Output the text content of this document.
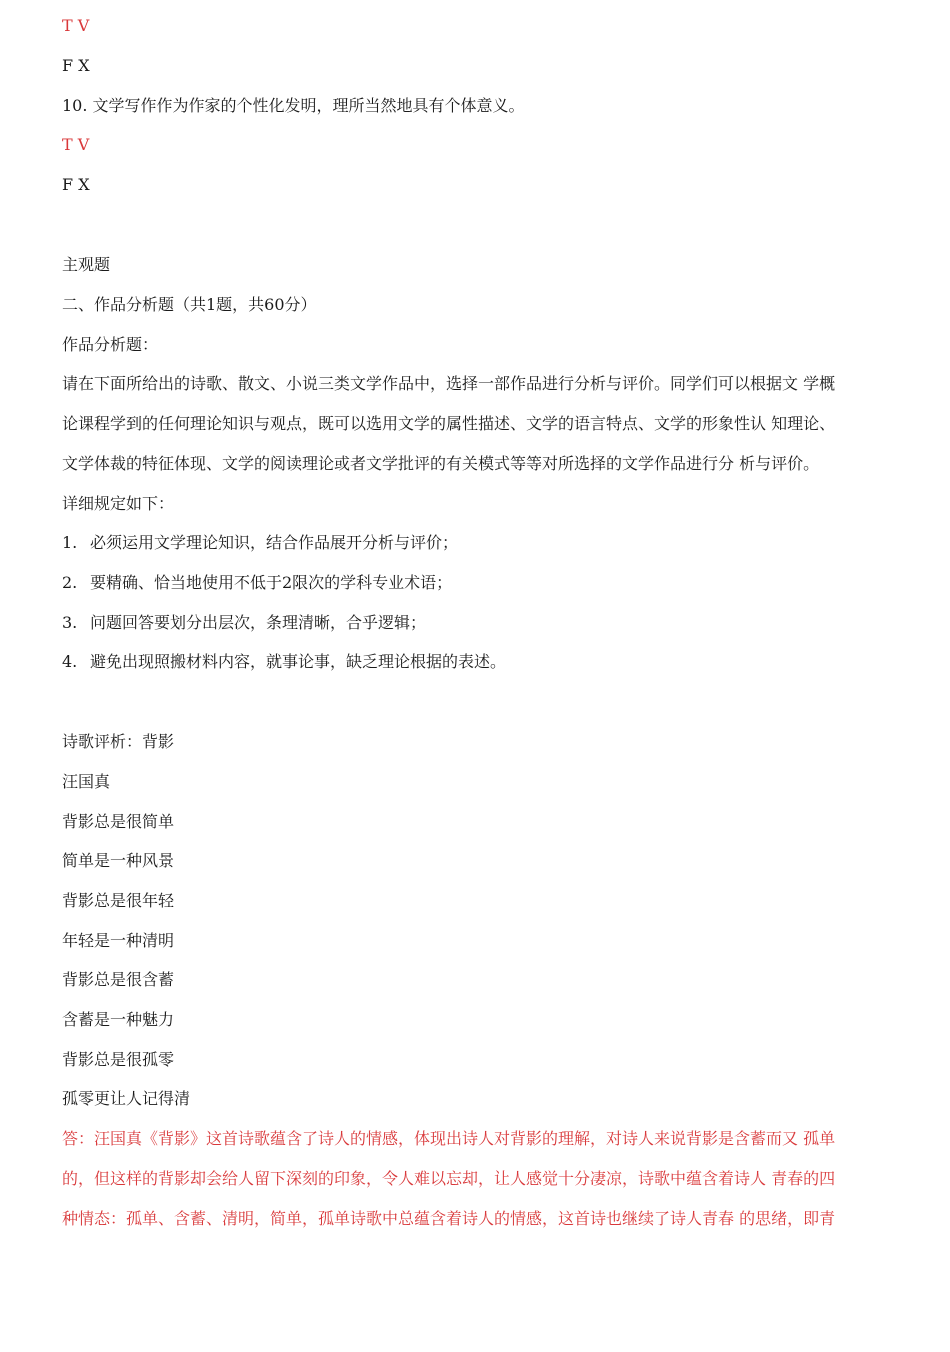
T V
F X
10. 文学写作作为作家的个性化发明，理所当然地具有个体意义。
T V
F X
主观题
二、作品分析题（共1题，共60分）
作品分析题：
请在下面所给出的诗歌、散文、小说三类文学作品中，选择一部作品进行分析与评价。同学们可以根据文 学概
论课程学到的任何理论知识与观点，既可以选用文学的属性描述、文学的语言特点、文学的形象性认 知理论、
文学体裁的特征体现、文学的阅读理论或者文学批评的有关模式等等对所选择的文学作品进行分 析与评价。
详细规定如下：
1. 必须运用文学理论知识，结合作品展开分析与评价；
2. 要精确、恰当地使用不低于2限次的学科专业术语；
3. 问题回答要划分出层次，条理清晰，合乎逻辑；
4. 避免出现照搬材料内容，就事论事，缺乏理论根据的表述。
诗歌评析：背影
汪国真
背影总是很简单
简单是一种风景
背影总是很年轻
年轻是一种清明
背影总是很含蓄
含蓄是一种魅力
背影总是很孤零
孤零更让人记得清
答：汪国真《背影》这首诗歌蕴含了诗人的情感，体现出诗人对背影的理解，对诗人来说背影是含蓄而又 孤单
的，但这样的背影却会给人留下深刻的印象，令人难以忘却，让人感觉十分凄凉，诗歌中蕴含着诗人 青春的四
种情态：孤单、含蓄、清明，简单，孤单诗歌中总蕴含着诗人的情感，这首诗也继续了诗人青春 的思绪，即青
